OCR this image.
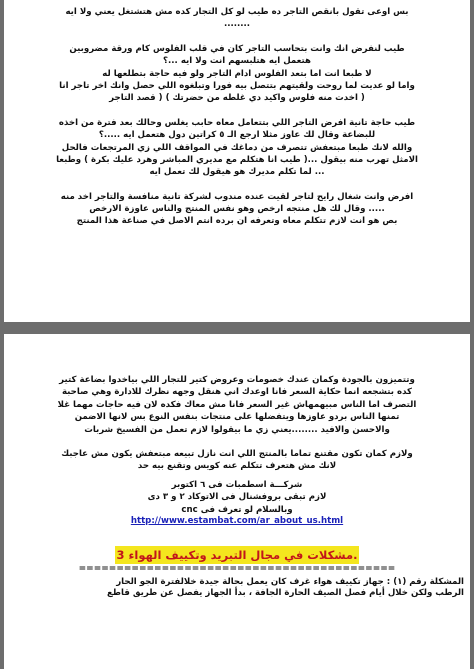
بس اوعى تقول بانقص التاجر ده طيب لو كل التجار كده مش هتشتغل يعني ولا ايه
........
طيب لنفرض انك وانت بتحاسب التاجر كان في قلب الفلوس كام ورقة مضروبين
هتعمل ايه هتلبسهم انت ولا ايه ...؟
لا طبعا انت اما بتعد الفلوس ادام التاجر ولو فيه حاجة بتطلعها له
واما لو عديت لما روحت ولقيتهم بتتصل بيه فورا وتبلغوه اللي حصل وانك اخر تاجر انا
( اخدت منه فلوس واكيد دي غلطه من حضرتك ) ( قصد التاجر
طيب حاجة تانية افرض التاجر اللي بتتعامل معاه حابب يغلس وحالك بعد فترة من اخذه
للبضاعة وقال لك عاوز مثلا ارجع الـ ٥ كراتين دول هتعمل ايه .....؟
والله لانك طبعا مبتعفش تتصرف من دماغك في المواقف اللي زي المرتجعات فالحل
الامثل تهرب منه بيقول ...( طيب انا هتكلم مع مديري المباشر وهرد عليك بكرة ) وطبعا
... لما تكلم مديرك هو هيقول لك تعمل ايه
افرض وانت شغال رايح لتاجر لقيت عنده مندوب لشركة تانية منافسة والتاجر اخد منه
..... وقال لك هل منتجه ارخص وهو نفس المنتج والناس عاوزة الارخص
بص هو انت لازم تتكلم معاه وتعرفه ان برده انتم الاصل في صناعة هذا المنتج
وتتميزون بالجودة وكمان عندك خصومات وعروض كتير للتجار اللي بياخدوا بضاعة كتير
كده بتشجعه انما حكاية السعر فانا اوعدك اني هنقل وجهه نظرك للادارة وهي صاحبة
التصرف اما الناس مبيهمهاش غير السعر فانا مش معاك فكده لان فيه حاجات مهما غلا
تمنها الناس بردو عاوزها ويتفضلها على منتجات بنفس النوع بس لانها الاضمن
والاحسن والافيد ........يعني زي ما بيقولوا لازم تعمل من الفسيخ شربات
ولازم كمان تكون مقتنع تماما بالمنتج اللي انت نازل تبيعه مبتعفش يكون مش عاجبك
لانك مش هتعرف تتكلم عنه كويس وتقنع بيه حد
شركـــة اسطمبات فى ٦ اكتوبر
لازم تبقى بروفشنال فى الاتوكاد ٢ و ٣ دى
وبالسلام لو تعرف فى cnc
http://www.estambat.com/ar_about_us.html
.مشكلات في مجال التبريد وتكييف الهواء 3
==========================================
المشكلة رقم (١) : جهاز تكييف هواء غرف كان يعمل بحالة جيدة خلالفترة الجو الحار
الرطب ولكن خلال أيام فصل الصيف الحارة الجافة ، بدأ الجهاز يفصل عن طريق قاطع
